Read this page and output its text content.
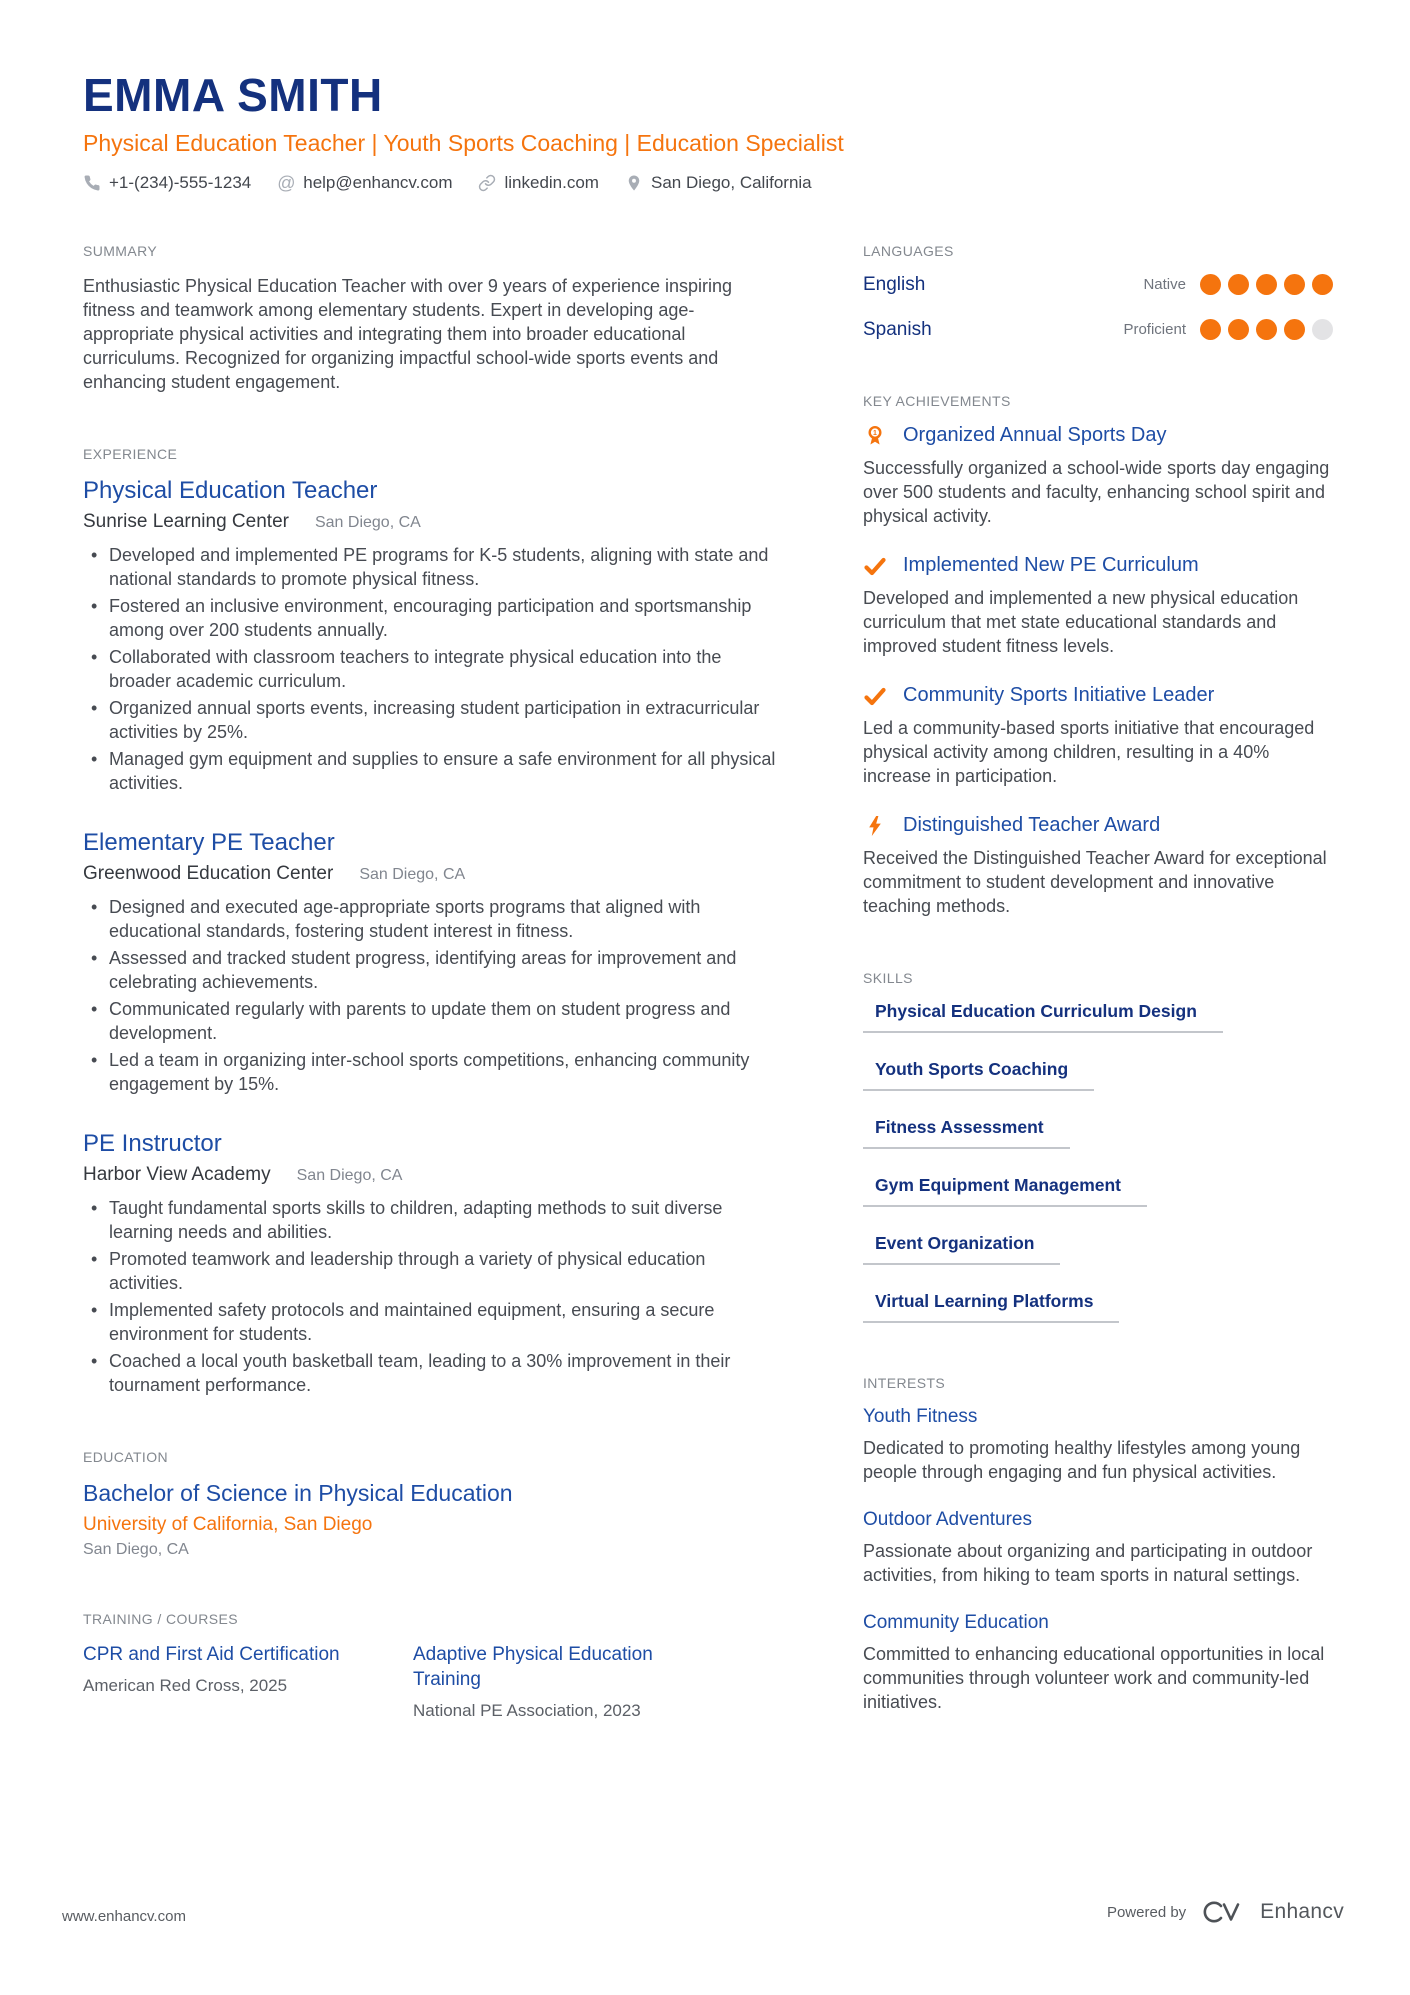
EMMA SMITH
Physical Education Teacher | Youth Sports Coaching | Education Specialist
+1-(234)-555-1234 @ help@enhancv.com	linkedin.com	San Diego, California
SUMMARY
Enthusiastic Physical Education Teacher with over 9 years of experience inspiring fitness and teamwork among elementary students. Expert in developing age-appropriate physical activities and integrating them into broader educational curriculums. Recognized for organizing impactful school-wide sports events and enhancing student engagement.
EXPERIENCE
Physical Education Teacher
Sunrise Learning Center San Diego, CA
• Developed and implemented PE programs for K-5 students, aligning with state and national standards to promote physical fitness.
• Fostered an inclusive environment, encouraging participation and sportsmanship among over 200 students annually.
• Collaborated with classroom teachers to integrate physical education into the broader academic curriculum.
• Organized annual sports events, increasing student participation in extracurricular activities by 25%.
• Managed gym equipment and supplies to ensure a safe environment for all physical activities.
Elementary PE Teacher
Greenwood Education Center San Diego, CA
• Designed and executed age-appropriate sports programs that aligned with educational standards, fostering student interest in fitness.
• Assessed and tracked student progress, identifying areas for improvement and celebrating achievements.
• Communicated regularly with parents to update them on student progress and development.
• Led a team in organizing inter-school sports competitions, enhancing community engagement by 15%.
PE Instructor
Harbor View Academy San Diego, CA
• Taught fundamental sports skills to children, adapting methods to suit diverse learning needs and abilities.
• Promoted teamwork and leadership through a variety of physical education activities.
• Implemented safety protocols and maintained equipment, ensuring a secure environment for students.
• Coached a local youth basketball team, leading to a 30% improvement in their tournament performance.
EDUCATION
Bachelor of Science in Physical Education
University of California, San Diego
San Diego, CA
TRAINING / COURSES
CPR and First Aid Certification
American Red Cross, 2025
Adaptive Physical Education Training
National PE Association, 2023
LANGUAGES
English	Native
Spanish	Proficient
KEY ACHIEVEMENTS
1 Organized Annual Sports Day
Successfully organized a school-wide sports day engaging over 500 students and faculty, enhancing school spirit and physical activity.
Implemented New PE Curriculum
Developed and implemented a new physical education curriculum that met state educational standards and improved student fitness levels.
Community Sports Initiative Leader
Led a community-based sports initiative that encouraged physical activity among children, resulting in a 40% increase in participation.
Distinguished Teacher Award
Received the Distinguished Teacher Award for exceptional commitment to student development and innovative teaching methods.
SKILLS
Physical Education Curriculum Design
Youth Sports Coaching
Fitness Assessment
Gym Equipment Management
Event Organization
Virtual Learning Platforms
INTERESTS
Youth Fitness
Dedicated to promoting healthy lifestyles among young people through engaging and fun physical activities.
Outdoor Adventures
Passionate about organizing and participating in outdoor activities, from hiking to team sports in natural settings.
Community Education
Committed to enhancing educational opportunities in local communities through volunteer work and community-led initiatives.
www.enhancv.com	Powered by	Enhancv
